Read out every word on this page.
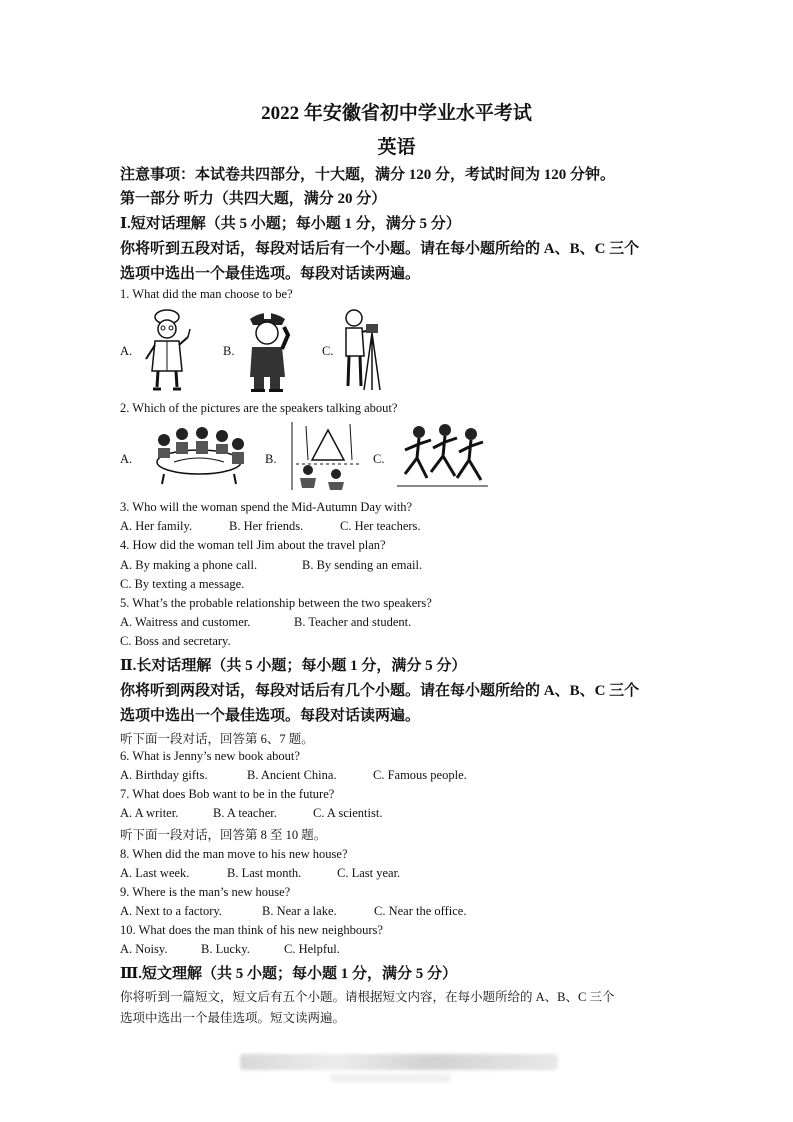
2022 年安徽省初中学业水平考试
英语
注意事项：本试卷共四部分，十大题，满分 120 分，考试时间为 120 分钟。
第一部分 听力（共四大题，满分 20 分）
Ⅰ.短对话理解（共 5 小题；每小题 1 分，满分 5 分）
你将听到五段对话，每段对话后有一个小题。请在每小题所给的 A、B、C 三个
选项中选出一个最佳选项。每段对话读两遍。
1. What did the man choose to be?
A.	B.	C.
2. Which of the pictures are the speakers talking about?
A.	B.	C.
3. Who will the woman spend the Mid-Autumn Day with?
A. Her family.	B. Her friends.	C. Her teachers.
4. How did the woman tell Jim about the travel plan?
A. By making a phone call.	B. By sending an email.
C. By texting a message.
5. What’s the probable relationship between the two speakers?
A. Waitress and customer.	B. Teacher and student.
C. Boss and secretary.
Ⅱ.长对话理解（共 5 小题；每小题 1 分，满分 5 分）
你将听到两段对话，每段对话后有几个小题。请在每小题所给的 A、B、C 三个
选项中选出一个最佳选项。每段对话读两遍。
听下面一段对话，回答第 6、7 题。
6. What is Jenny’s new book about?
A. Birthday gifts.	B. Ancient China.	C. Famous people.
7. What does Bob want to be in the future?
A. A writer.	B. A teacher.	C. A scientist.
听下面一段对话，回答第 8 至 10 题。
8. When did the man move to his new house?
A. Last week.	B. Last month.	C. Last year.
9. Where is the man’s new house?
A. Next to a factory.	B. Near a lake.	C. Near the office.
10. What does the man think of his new neighbours?
A. Noisy.	B. Lucky.	C. Helpful.
Ⅲ.短文理解（共 5 小题；每小题 1 分，满分 5 分）
你将听到一篇短文，短文后有五个小题。请根据短文内容，在每小题所给的 A、B、C 三个
选项中选出一个最佳选项。短文读两遍。
